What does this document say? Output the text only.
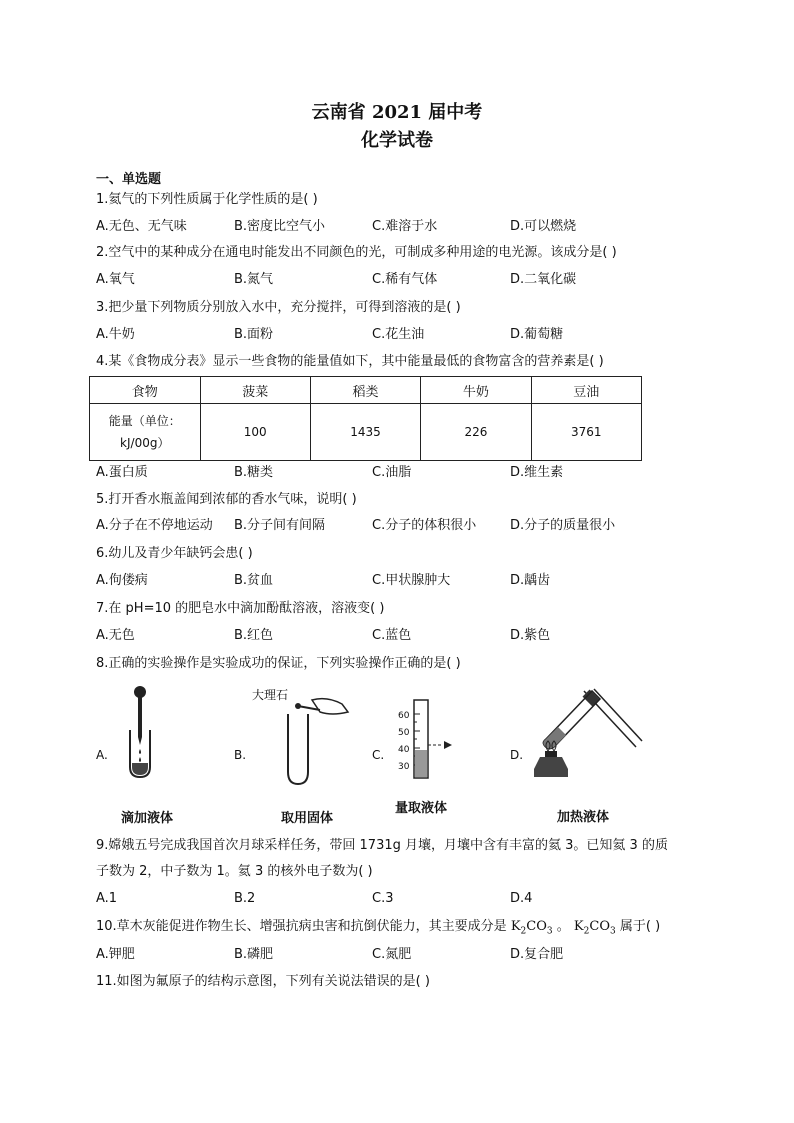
云南省 2021 届中考
化学试卷
一、单选题
1.氦气的下列性质属于化学性质的是( )
A.无色、无气味	B.密度比空气小	C.难溶于水	D.可以燃烧
2.空气中的某种成分在通电时能发出不同颜色的光，可制成多种用途的电光源。该成分是( )
A.氧气	B.氮气	C.稀有气体	D.二氧化碳
3.把少量下列物质分别放入水中，充分搅拌，可得到溶液的是( )
A.牛奶	B.面粉	C.花生油	D.葡萄糖
4.某《食物成分表》显示一些食物的能量值如下，其中能量最低的食物富含的营养素是( )
食物	菠菜	稻类	牛奶	豆油

能量（单位：
kJ/00g）	100	1435	226	3761
A.蛋白质	B.糖类	C.油脂	D.维生素
5.打开香水瓶盖闻到浓郁的香水气味，说明( )
A.分子在不停地运动 B.分子间有间隔	C.分子的体积很小	D.分子的质量很小
6.幼儿及青少年缺钙会患( )
A.佝偻病	B.贫血	C.甲状腺肿大	D.龋齿
7.在 pH=10 的肥皂水中滴加酚酞溶液，溶液变( )
A.无色	B.红色	C.蓝色	D.紫色
8.正确的实验操作是实验成功的保证，下列实验操作正确的是( )
A.
滴加液体
B.
大理石
取用固体
C.
60
50
40
30
量取液体
D.
加热液体
9.嫦娥五号完成我国首次月球采样任务，带回 1731g 月壤，月壤中含有丰富的氦 3。已知氦 3 的质
子数为 2，中子数为 1。氦 3 的核外电子数为( )
A.1	B.2	C.3	D.4
10.草木灰能促进作物生长、增强抗病虫害和抗倒伏能力，其主要成分是 $K_2CO_3$ 。 $K_2CO_3$ 属于( )
A.钾肥	B.磷肥	C.氮肥	D.复合肥
11.如图为氟原子的结构示意图，下列有关说法错误的是( )
